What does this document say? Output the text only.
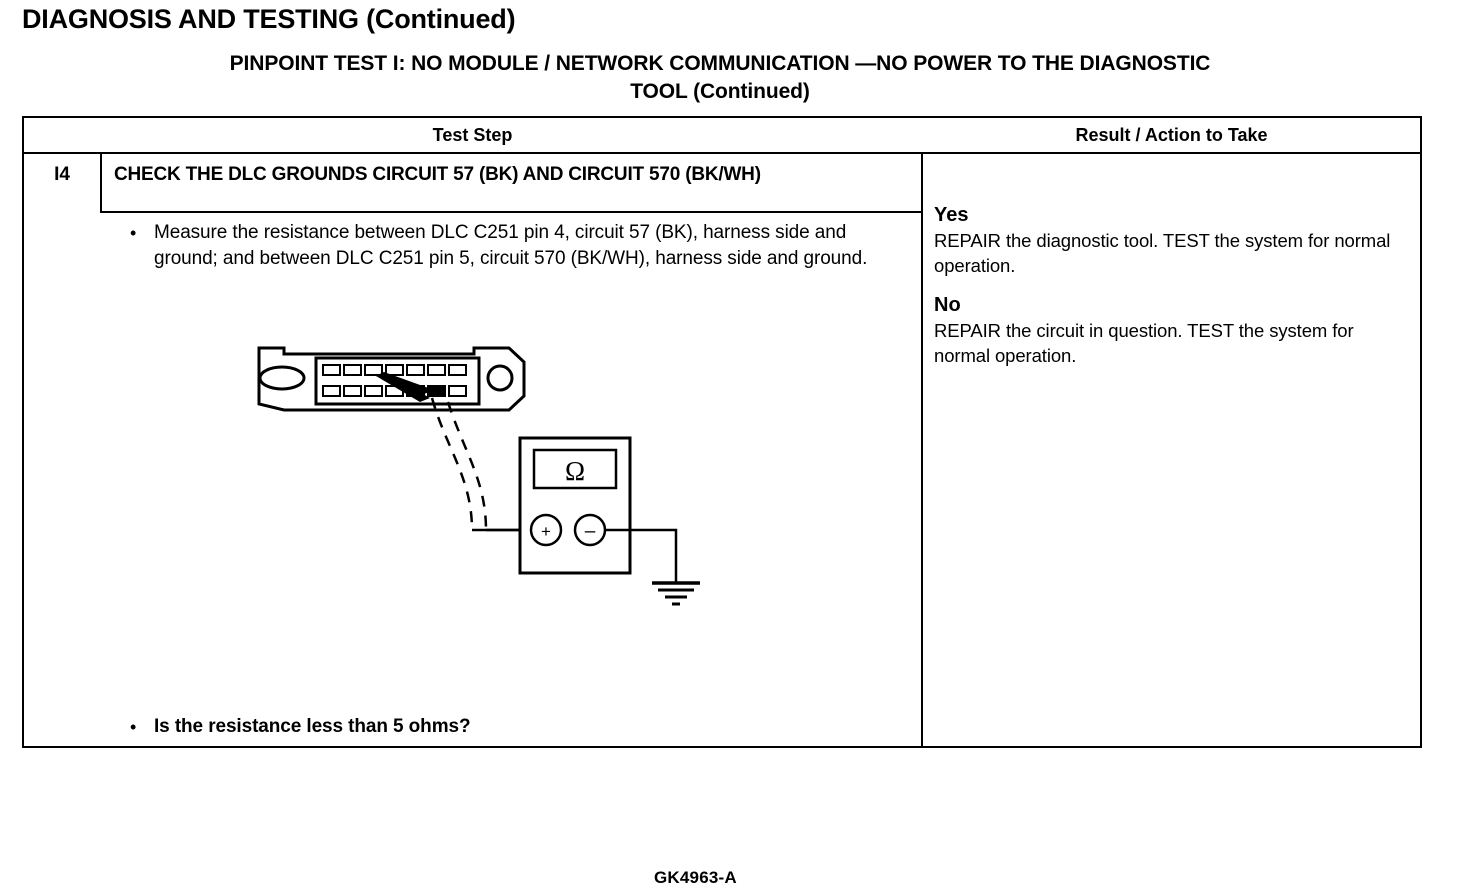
DIAGNOSIS AND TESTING (Continued)
PINPOINT TEST I: NO MODULE / NETWORK COMMUNICATION —NO POWER TO THE DIAGNOSTIC
TOOL (Continued)
Test Step	Result / Action to Take
I4	CHECK THE DLC GROUNDS CIRCUIT 57 (BK) AND CIRCUIT 570 (BK/WH)
• Measure the resistance between DLC C251 pin 4, circuit 57 (BK), harness side and ground; and between DLC C251 pin 5, circuit 570 (BK/WH), harness side and ground.
Ω
+ –
GK4963-A
• Is the resistance less than 5 ohms?
Yes
REPAIR the diagnostic tool. TEST the system for normal operation.
No
REPAIR the circuit in question. TEST the system for normal operation.
